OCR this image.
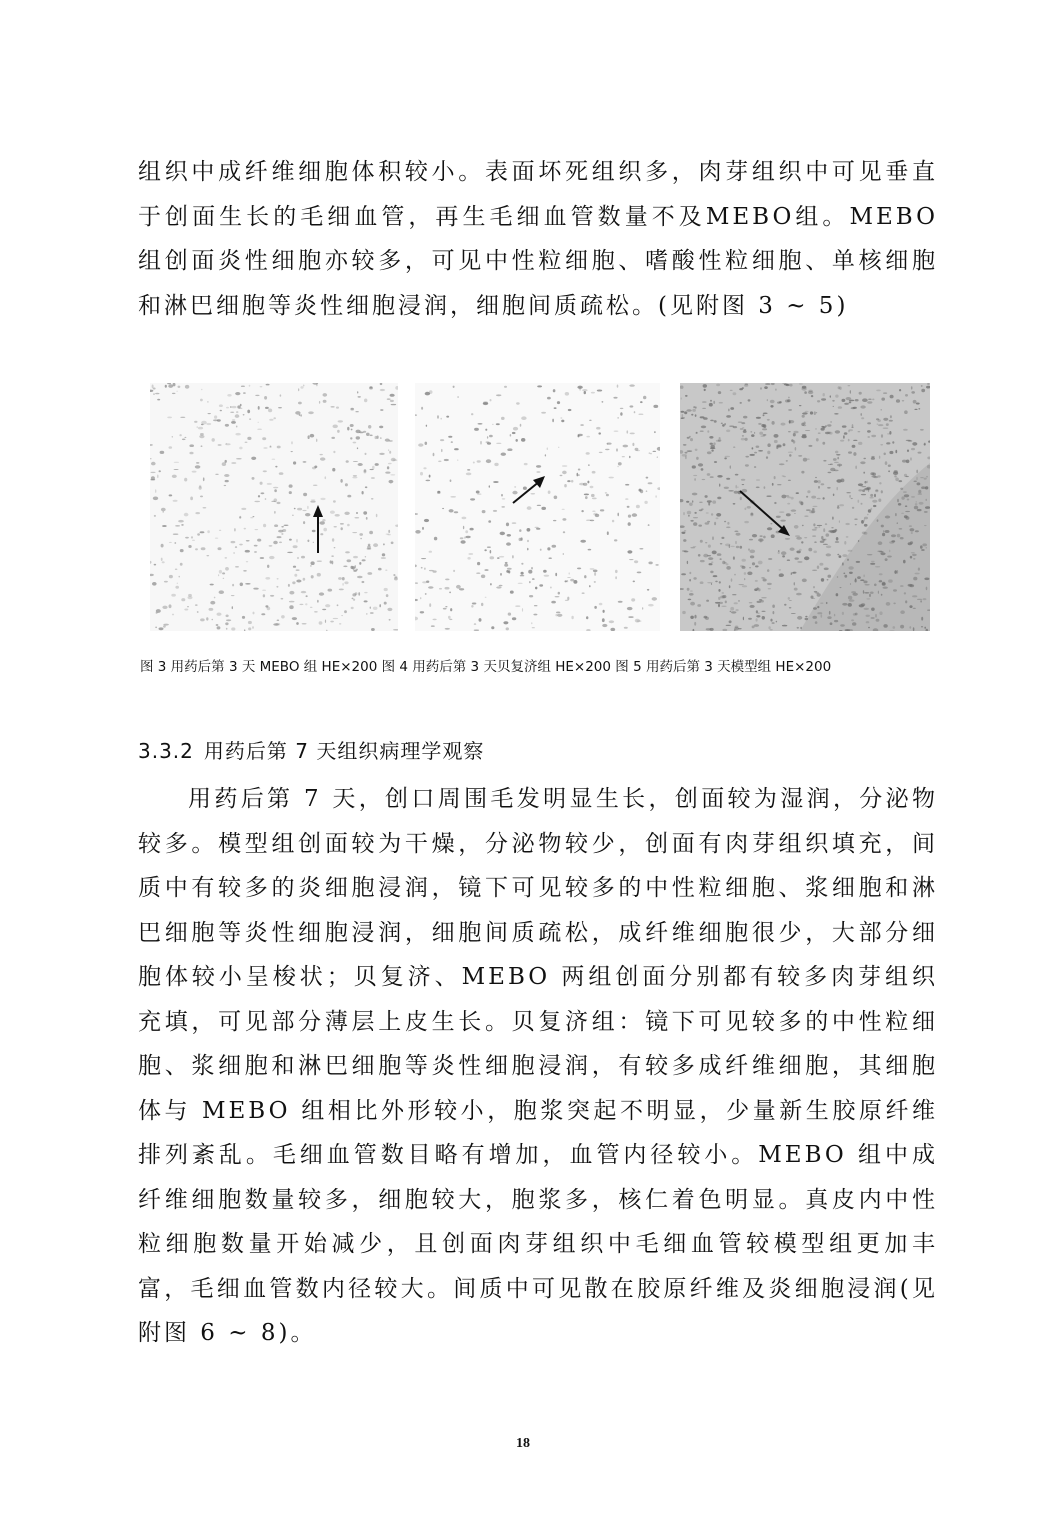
组织中成纤维细胞体积较小。表面坏死组织多，肉芽组织中可见垂直于创面生长的毛细血管，再生毛细血管数量不及MEBO组。MEBO组创面炎性细胞亦较多，可见中性粒细胞、嗜酸性粒细胞、单核细胞和淋巴细胞等炎性细胞浸润，细胞间质疏松。(见附图 3 ~ 5)

图 3 用药后第 3 天 MEBO 组 HE×200 图 4 用药后第 3 天贝复济组 HE×200 图 5 用药后第 3 天模型组 HE×200
3.3.2 用药后第 7 天组织病理学观察

用药后第 7 天，创口周围毛发明显生长，创面较为湿润，分泌物较多。模型组创面较为干燥，分泌物较少，创面有肉芽组织填充，间质中有较多的炎细胞浸润，镜下可见较多的中性粒细胞、浆细胞和淋巴细胞等炎性细胞浸润，细胞间质疏松，成纤维细胞很少，大部分细胞体较小呈梭状；贝复济、MEBO 两组创面分别都有较多肉芽组织充填，可见部分薄层上皮生长。贝复济组：镜下可见较多的中性粒细胞、浆细胞和淋巴细胞等炎性细胞浸润，有较多成纤维细胞，其细胞体与 MEBO 组相比外形较小，胞浆突起不明显，少量新生胶原纤维排列紊乱。毛细血管数目略有增加，血管内径较小。MEBO 组中成纤维细胞数量较多，细胞较大，胞浆多，核仁着色明显。真皮内中性粒细胞数量开始减少，且创面肉芽组织中毛细血管较模型组更加丰富，毛细血管数内径较大。间质中可见散在胶原纤维及炎细胞浸润(见附图 6 ~ 8)。

18
